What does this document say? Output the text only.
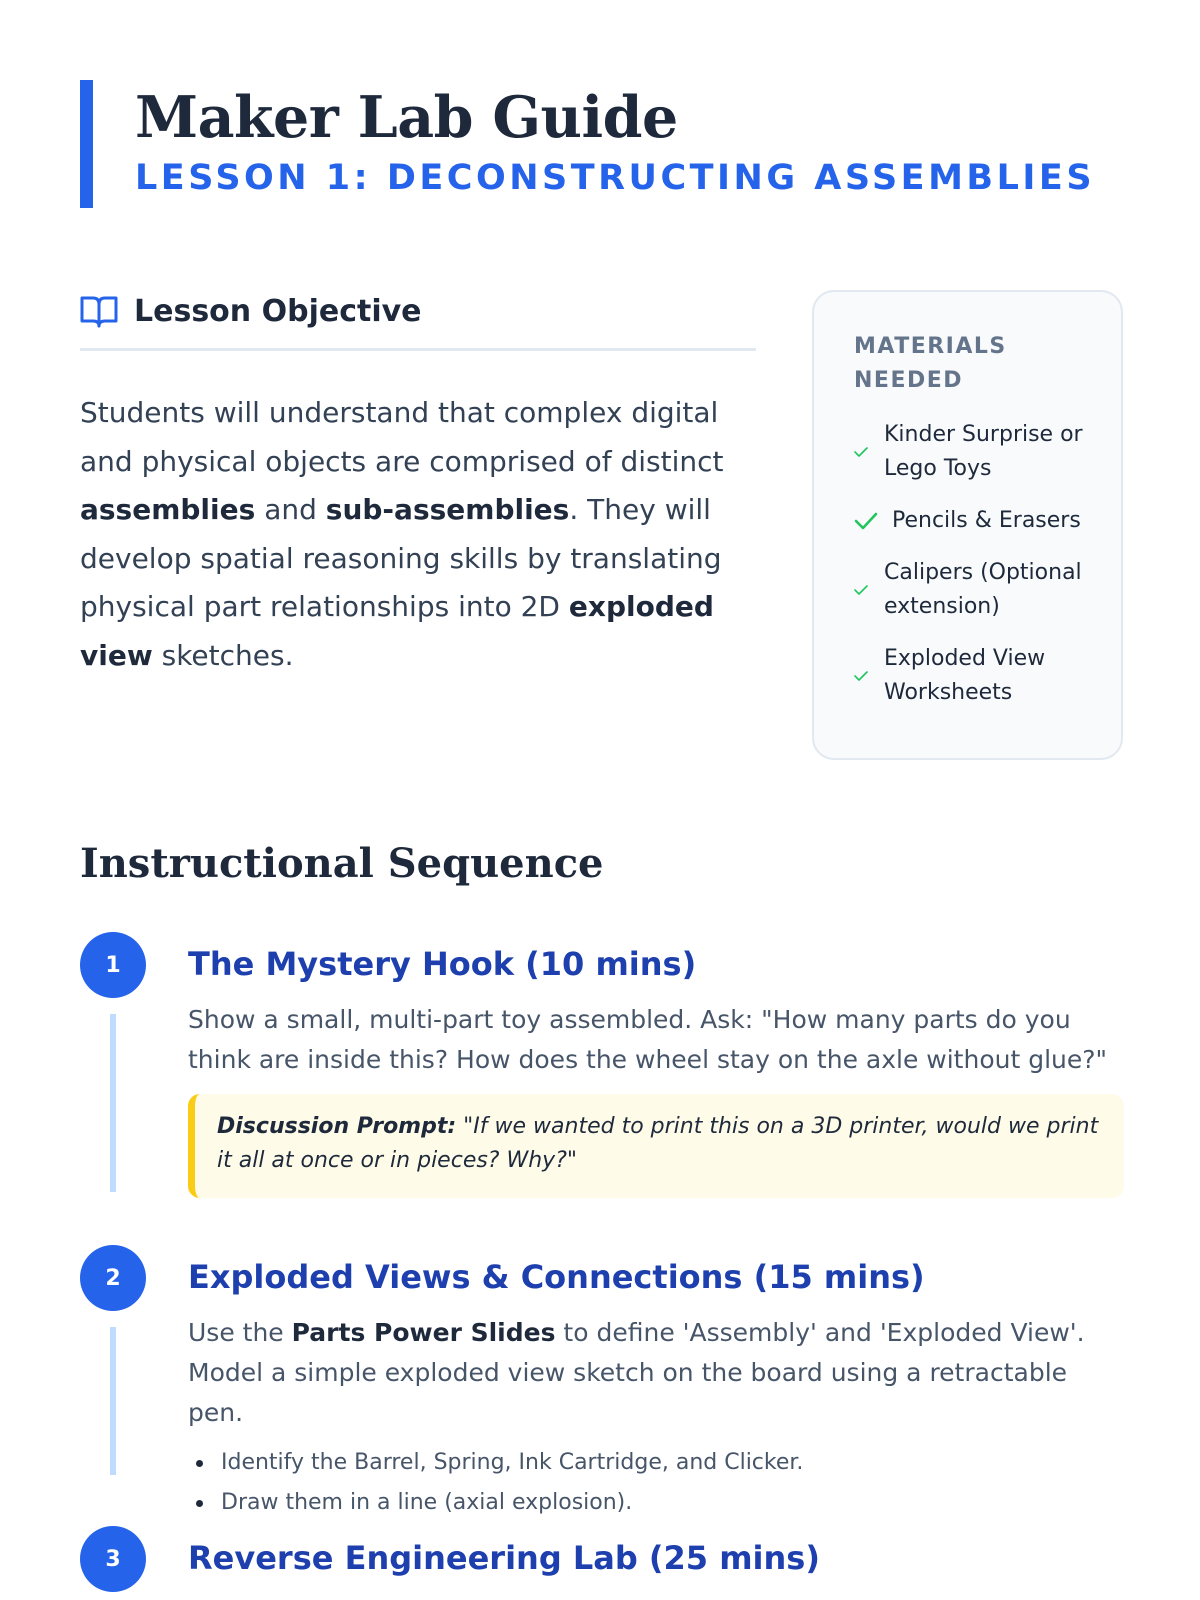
Maker Lab Guide
LESSON 1: DECONSTRUCTING ASSEMBLIES
Lesson Objective

Students will understand that complex digital and physical objects are comprised of distinct assemblies and sub-assemblies. They will develop spatial reasoning skills by translating physical part relationships into 2D exploded view sketches.

MATERIALS NEEDED
Kinder Surprise or Lego Toys
Pencils & Erasers
Calipers (Optional extension)
Exploded View Worksheets
Instructional Sequence
1	The Mystery Hook (10 mins)

Show a small, multi-part toy assembled. Ask: "How many parts do you think are inside this? How does the wheel stay on the axle without glue?"

Discussion Prompt: "If we wanted to print this on a 3D printer, would we print it all at once or in pieces? Why?"
2	Exploded Views & Connections (15 mins)

Use the Parts Power Slides to define 'Assembly' and 'Exploded View'. Model a simple exploded view sketch on the board using a retractable pen.

Identify the Barrel, Spring, Ink Cartridge, and Clicker.
Draw them in a line (axial explosion).
3	Reverse Engineering Lab (25 mins)
